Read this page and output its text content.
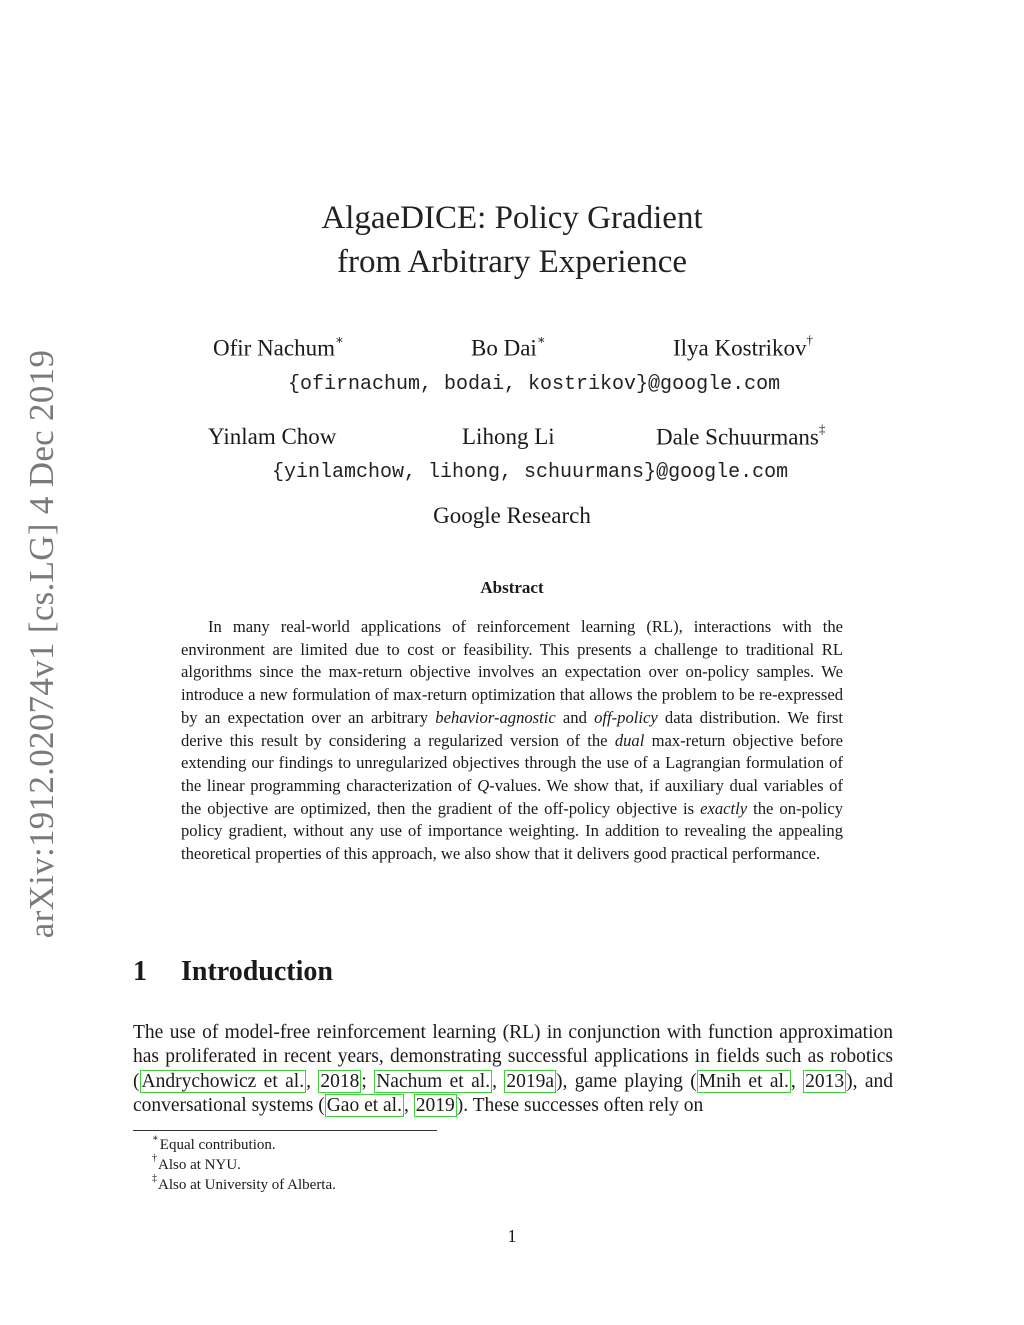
arXiv:1912.02074v1 [cs.LG] 4 Dec 2019
AlgaeDICE: Policy Gradient
from Arbitrary Experience
Ofir Nachum∗	Bo Dai∗	Ilya Kostrikov†
{ofirnachum, bodai, kostrikov}@google.com
Yinlam Chow	Lihong Li	Dale Schuurmans‡
{yinlamchow, lihong, schuurmans}@google.com
Google Research
Abstract
In many real-world applications of reinforcement learning (RL), interactions with the environment are limited due to cost or feasibility. This presents a challenge to traditional RL algorithms since the max-return objective involves an expectation over on-policy samples. We introduce a new formulation of max-return optimization that allows the problem to be re-expressed by an expectation over an arbitrary behavior-agnostic and off-policy data distribution. We first derive this result by considering a regularized version of the dual max-return objective before extending our findings to unregularized objectives through the use of a Lagrangian formulation of the linear programming characterization of Q-values. We show that, if auxiliary dual variables of the objective are optimized, then the gradient of the off-policy objective is exactly the on-policy policy gradient, without any use of importance weighting. In addition to revealing the appealing theoretical properties of this approach, we also show that it delivers good practical performance.
1 Introduction
The use of model-free reinforcement learning (RL) in conjunction with function approximation has proliferated in recent years, demonstrating successful applications in fields such as robotics ( Andrychowicz et al. , 2018 ; Nachum et al. , 2019a ), game playing ( Mnih et al. , 2013 ), and conversational systems ( Gao et al. , 2019 ). These successes often rely on
∗Equal contribution.
†Also at NYU.
‡Also at University of Alberta.
1
